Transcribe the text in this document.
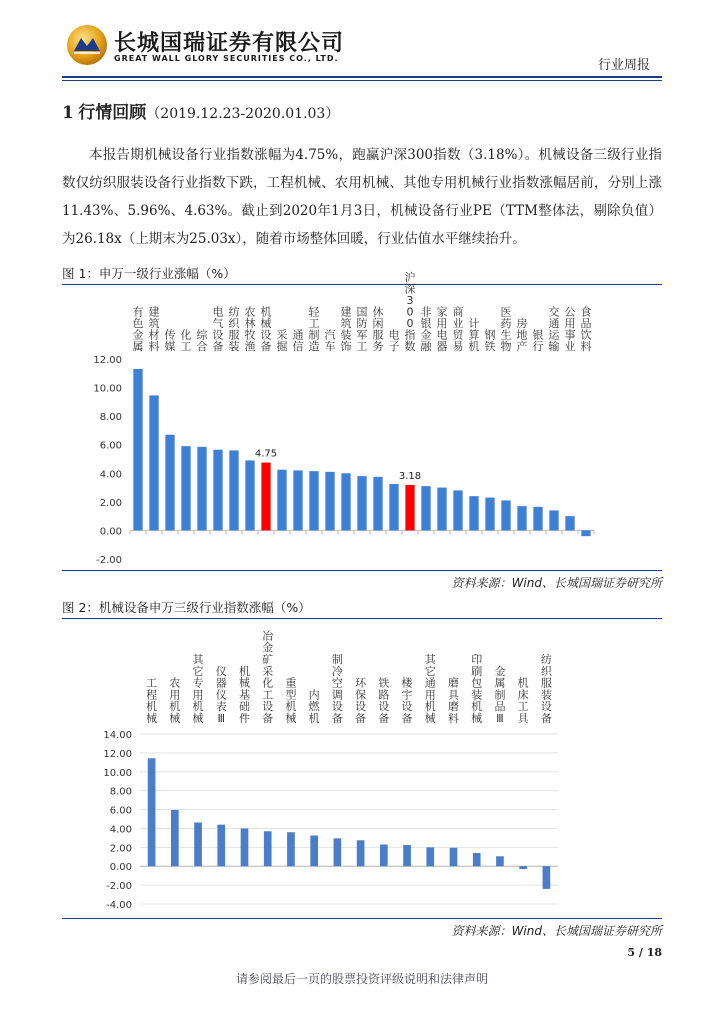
长城国瑞证券有限公司
GREAT WALL GLORY SECURITIES CO., LTD.	行业周报
1 行情回顾（2019.12.23-2020.01.03）
本报告期机械设备行业指数涨幅为4.75%，跑赢沪深300指数（3.18%）。机械设备三级行业指数仅纺织服装设备行业指数下跌，工程机械、农用机械、其他专用机械行业指数涨幅居前，分别上涨11.43%、5.96%、4.63%。截止到2020年1月3日，机械设备行业PE（TTM整体法，剔除负值）为26.18x（上期末为25.03x），随着市场整体回暖，行业估值水平继续抬升。
图 1：申万一级行业涨幅（%）
12.00
10.00
8.00
6.00
4.00
2.00
0.00
-2.00
有色金属
建筑材料
传媒
化工
综合
电气设备
纺织服装
农林牧渔
4.75
机械设备
采掘
通信
轻工制造
汽车
建筑装饰
国防军工
休闲服务
电子
3.18
沪深 3 0 0 指数
非银金融
家用电器
商业贸易
计算机
钢铁
医药生物
房地产
银行
交通运输
公用事业
食品饮料
资料来源：Wind、长城国瑞证券研究所
图 2：机械设备申万三级行业指数涨幅（%）
14.00
12.00
10.00
8.00
6.00
4.00
2.00
0.00
-2.00
-4.00
工程机械
农用机械
其它专用机械
仪器仪表 Ⅲ
机械基础件
冶金矿采化工设备
重型机械
内燃机
制冷空调设备
环保设备
铁路设备
楼宇设备
其它通用机械
磨具磨料
印刷包装机械
金属制品 Ⅲ
机床工具
纺织服装设备
资料来源：Wind、长城国瑞证券研究所
5 / 18
请参阅最后一页的股票投资评级说明和法律声明
